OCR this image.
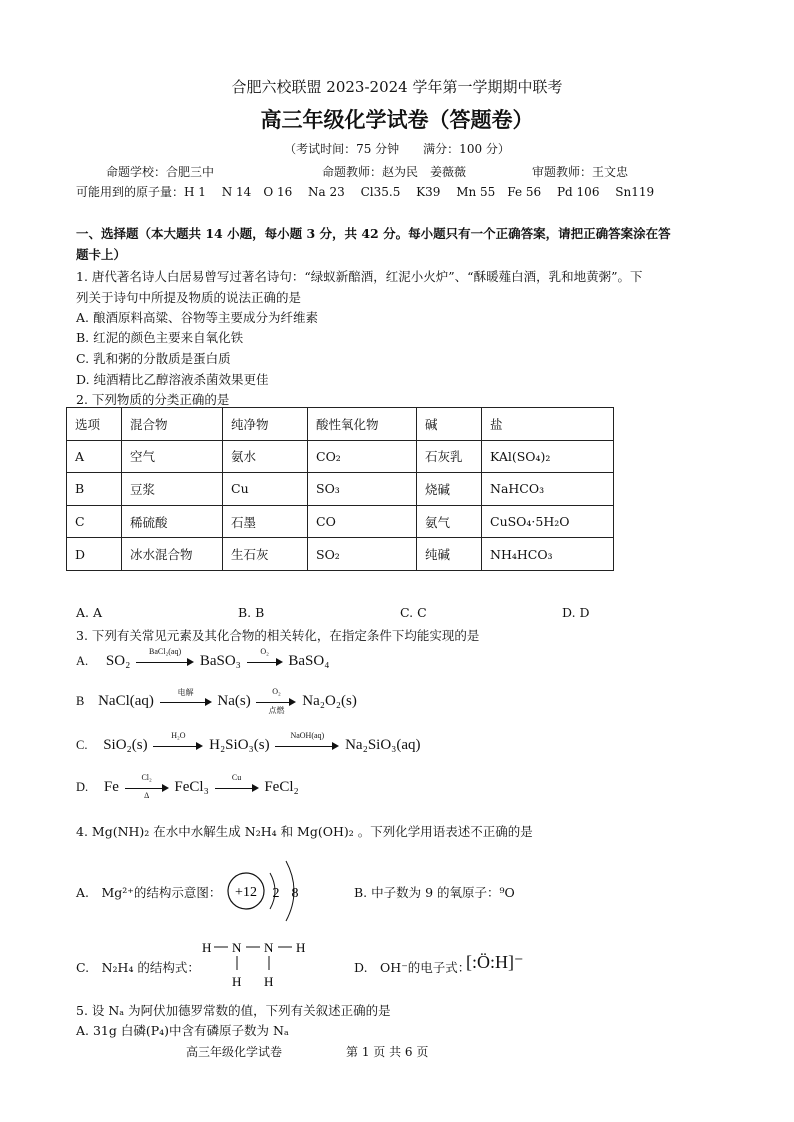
合肥六校联盟 2023-2024 学年第一学期期中联考
高三年级化学试卷（答题卷）
（考试时间：75 分钟　　满分：100 分）
命题学校：合肥三中	命题教师：赵为民　姜薇薇	审题教师：王文忠
可能用到的原子量：H 1　 N 14　O 16　 Na 23　 Cl35.5　 K39　 Mn 55　Fe 56　 Pd 106　 Sn119
一、选择题（本大题共 14 小题，每小题 3 分，共 42 分。每小题只有一个正确答案，请把正确答案涂在答
题卡上）
1. 唐代著名诗人白居易曾写过著名诗句：“绿蚁新醅酒，红泥小火炉”、“酥暖薤白酒，乳和地黄粥”。下
列关于诗句中所提及物质的说法正确的是
A. 酿酒原料高粱、谷物等主要成分为纤维素
B. 红泥的颜色主要来自氧化铁
C. 乳和粥的分散质是蛋白质
D. 纯酒精比乙醇溶液杀菌效果更佳
2. 下列物质的分类正确的是
选项	混合物	纯净物	酸性氧化物	碱	盐
A	空气	氨水	CO₂	石灰乳	KAl(SO₄)₂
B	豆浆	Cu	SO₃	烧碱	NaHCO₃
C	稀硫酸	石墨	CO	氨气	CuSO₄·5H₂O
D	冰水混合物	生石灰	SO₂	纯碱	NH₄HCO₃
A. A	B. B	C. C	D. D
3. 下列有关常见元素及其化合物的相关转化，在指定条件下均能实现的是
A. SO₂
BaCl₂(aq)
BaSO₃
O₂
BaSO₄
B NaCl(aq)
电解
Na(s)
O₂
点燃
Na₂O₂(s)
C. SiO₂(s)
H₂O
H₂SiO₃(s)
NaOH(aq)
Na₂SiO₃(aq)
D. Fe $\frac{\text{Cl₂}}{\Delta}$ FeCl₃
Cu
FeCl₂
4. Mg(NH)₂ 在水中水解生成 N₂H₄ 和 Mg(OH)₂ 。下列化学用语表述不正确的是
A.　Mg²⁺的结构示意图： +12 2 8	B. 中子数为 9 的氧原子：⁹O
C.　N₂H₄ 的结构式：
H N N H
H H
D.　OH⁻的电子式：
[:Ö:H]⁻
5. 设 Nₐ 为阿伏加德罗常数的值，下列有关叙述正确的是
A. 31g 白磷(P₄)中含有磷原子数为 Nₐ
高三年级化学试卷	第 1 页 共 6 页
